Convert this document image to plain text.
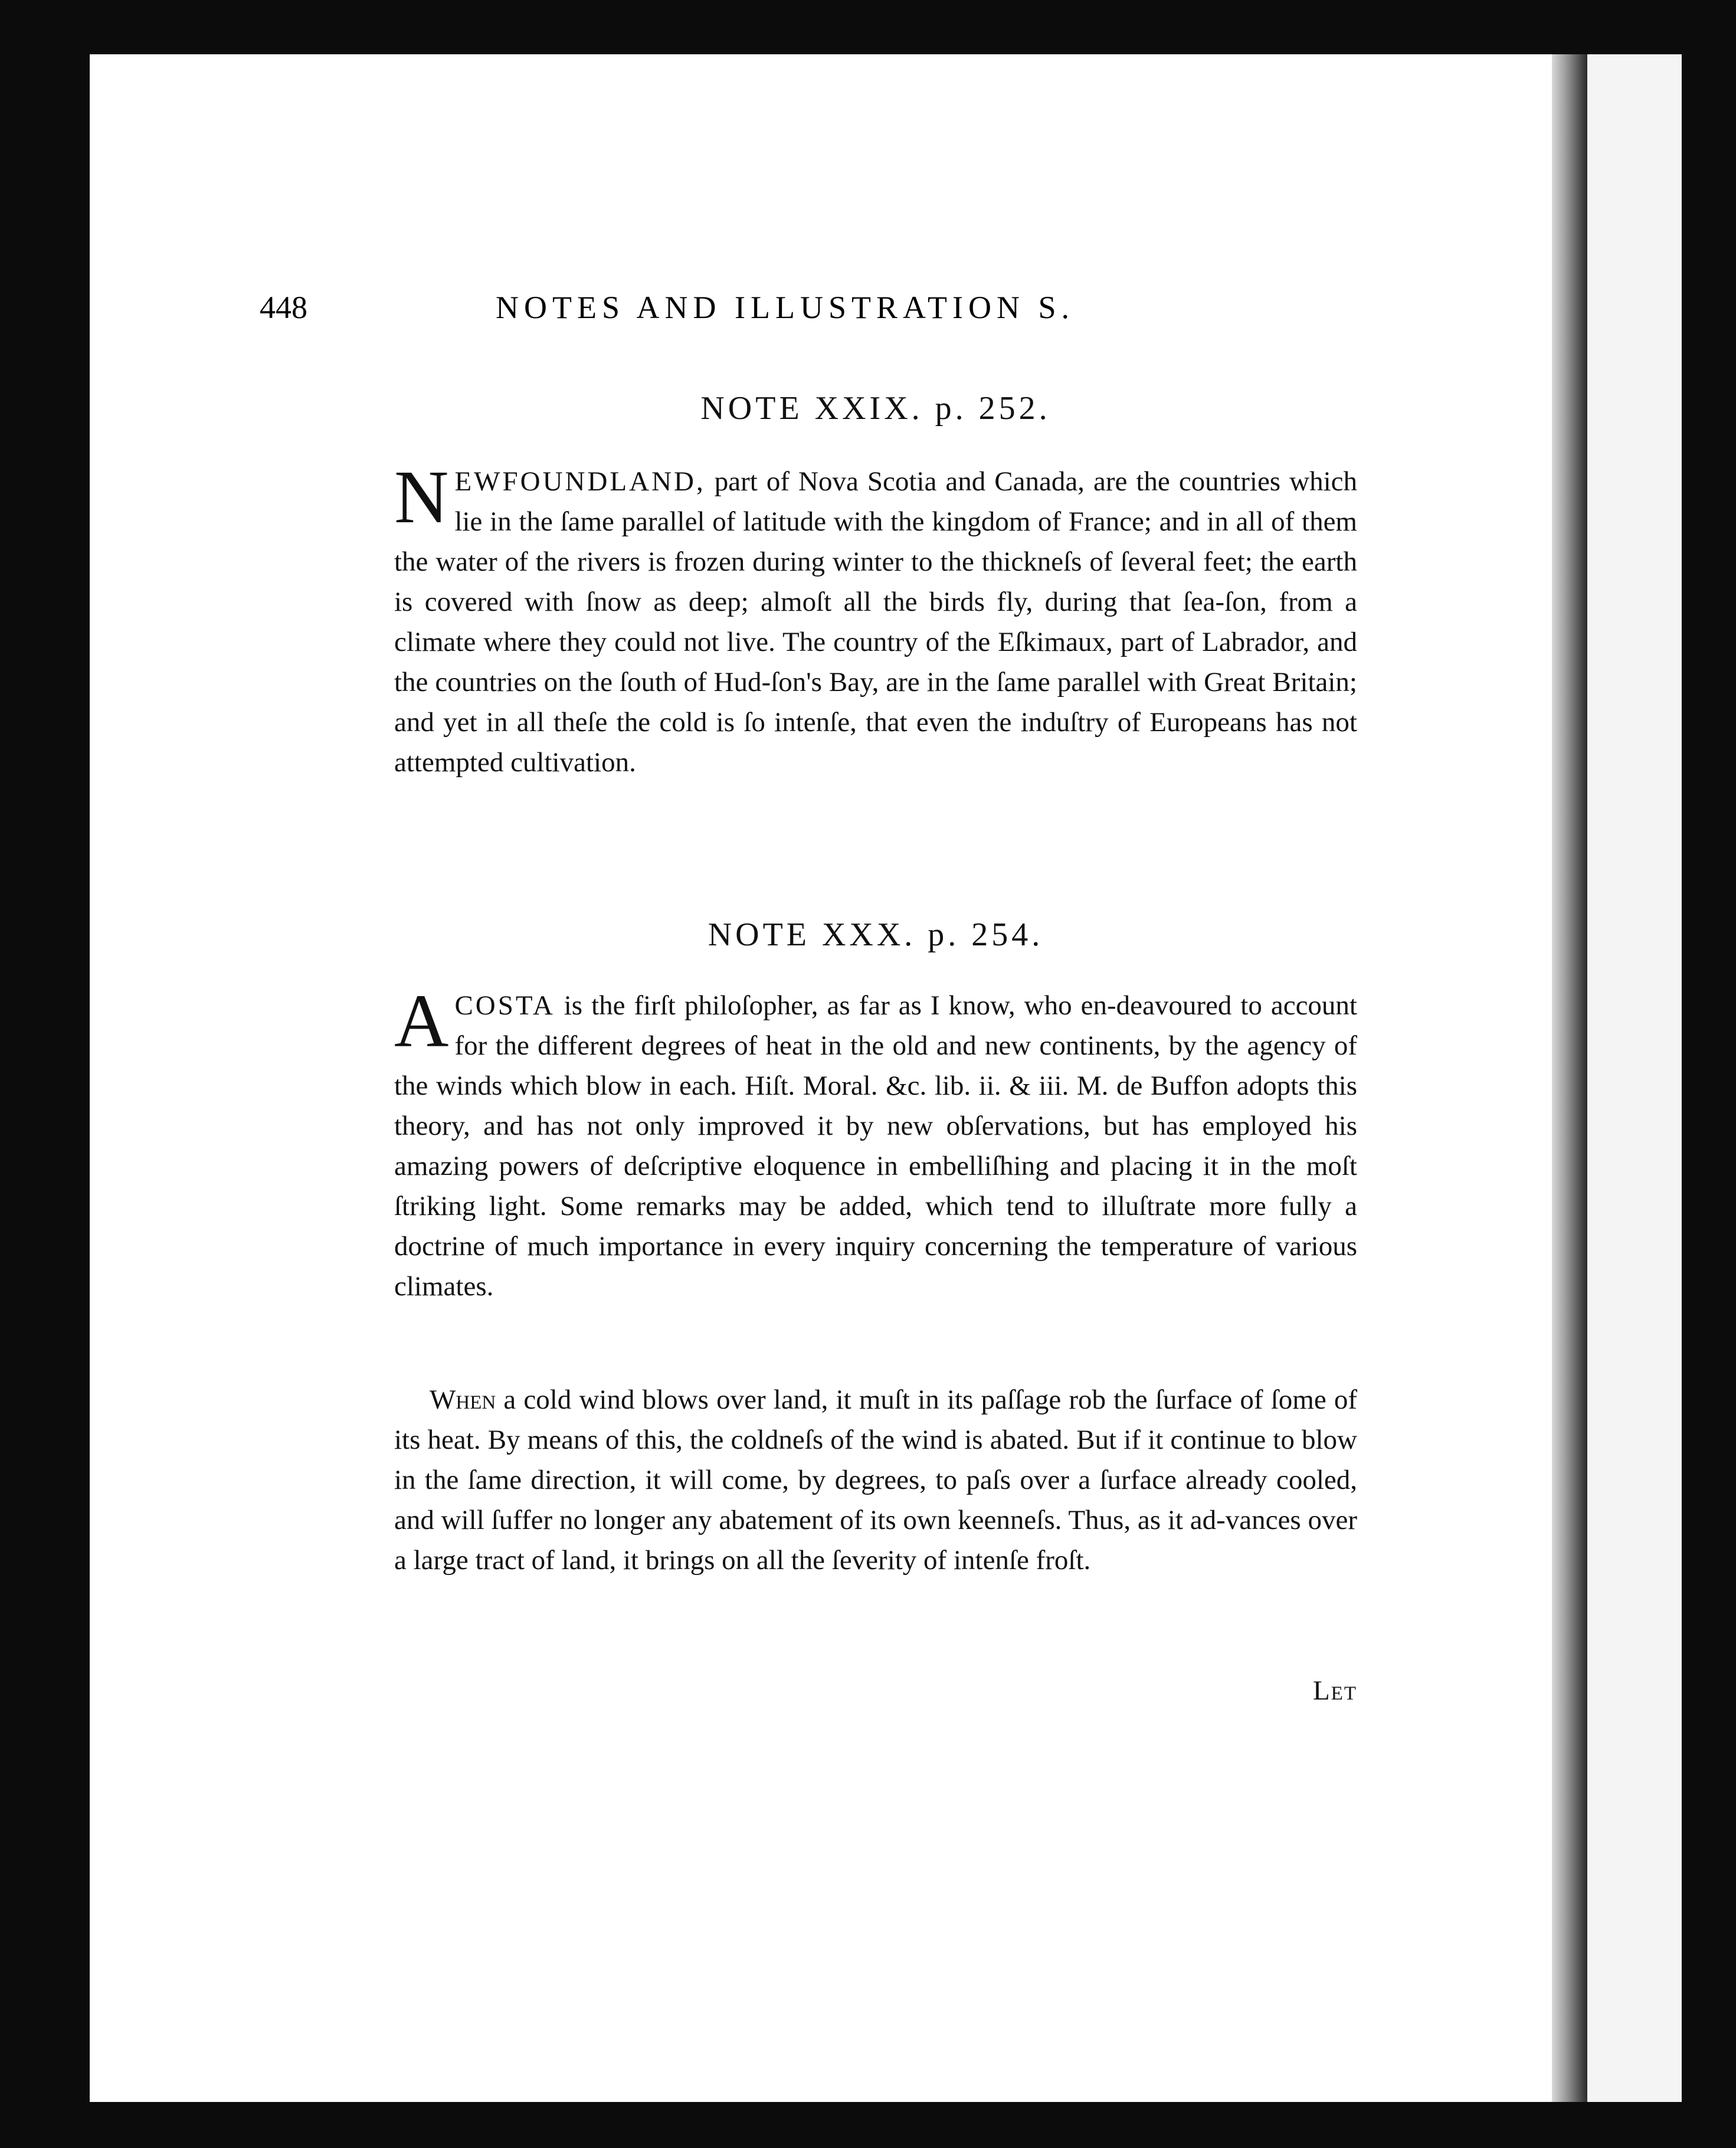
448	NOTES AND ILLUSTRATION S.
NOTE XXIX. p. 252.

NEWFOUNDLAND, part of Nova Scotia and Canada, are the countries which lie in the ſame parallel of latitude with the kingdom of France; and in all of them the water of the rivers is frozen during winter to the thickneſs of ſeveral feet; the earth is covered with ſnow as deep; almoſt all the birds fly, during that ſea-ſon, from a climate where they could not live. The country of the Eſkimaux, part of Labrador, and the countries on the ſouth of Hud-ſon's Bay, are in the ſame parallel with Great Britain; and yet in all theſe the cold is ſo intenſe, that even the induſtry of Europeans has not attempted cultivation.

NOTE XXX. p. 254.

ACOSTA is the firſt philoſopher, as far as I know, who en-deavoured to account for the different degrees of heat in the old and new continents, by the agency of the winds which blow in each. Hiſt. Moral. &c. lib. ii. & iii. M. de Buffon adopts this theory, and has not only improved it by new obſervations, but has employed his amazing powers of deſcriptive eloquence in embelliſhing and placing it in the moſt ſtriking light. Some remarks may be added, which tend to illuſtrate more fully a doctrine of much importance in every inquiry concerning the temperature of various climates.

When a cold wind blows over land, it muſt in its paſſage rob the ſurface of ſome of its heat. By means of this, the coldneſs of the wind is abated. But if it continue to blow in the ſame direction, it will come, by degrees, to paſs over a ſurface already cooled, and will ſuffer no longer any abatement of its own keenneſs. Thus, as it ad-vances over a large tract of land, it brings on all the ſeverity of intenſe froſt.

Let
